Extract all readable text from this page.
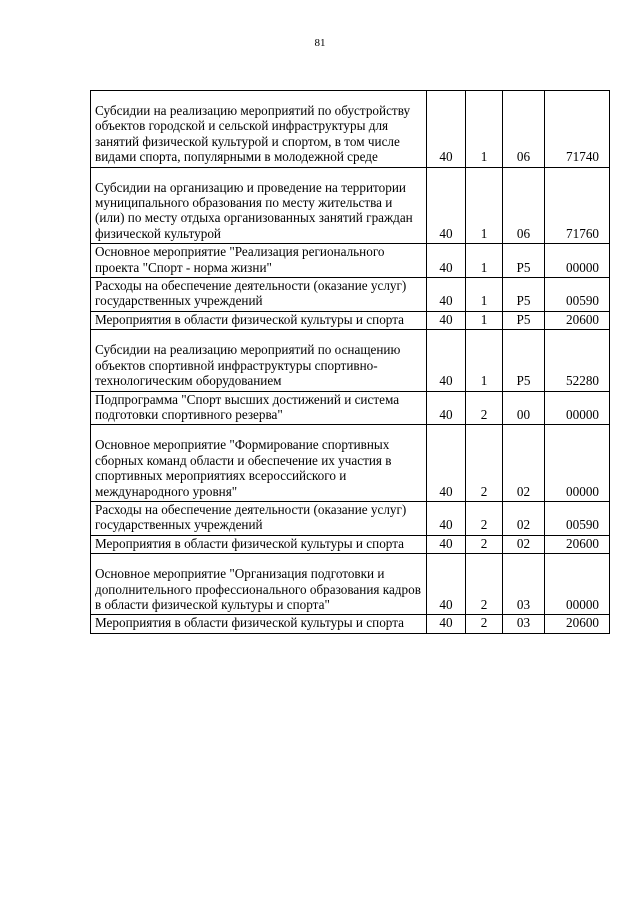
81
Субсидии на реализацию мероприятий по обустройству объектов городской и сельской инфраструктуры для занятий физической культурой и спортом, в том числе видами спорта, популярными в молодежной среде	40	1	06	71740
Субсидии на организацию и проведение на территории муниципального образования по месту жительства и (или) по месту отдыха организованных занятий граждан физической культурой	40	1	06	71760
Основное мероприятие "Реализация регионального проекта "Спорт - норма жизни"	40	1	P5	00000
Расходы на обеспечение деятельности (оказание услуг) государственных учреждений	40	1	P5	00590
Мероприятия в области физической культуры и спорта	40	1	P5	20600
Субсидии на реализацию мероприятий по оснащению объектов спортивной инфраструктуры спортивно-технологическим оборудованием	40	1	P5	52280
Подпрограмма "Спорт высших достижений и система подготовки спортивного резерва"	40	2	00	00000
Основное мероприятие "Формирование спортивных сборных команд области и обеспечение их участия в спортивных мероприятиях всероссийского и международного уровня"	40	2	02	00000
Расходы на обеспечение деятельности (оказание услуг) государственных учреждений	40	2	02	00590
Мероприятия в области физической культуры и спорта	40	2	02	20600
Основное мероприятие "Организация подготовки и дополнительного профессионального образования кадров в области физической культуры и спорта"	40	2	03	00000
Мероприятия в области физической культуры и спорта	40	2	03	20600
